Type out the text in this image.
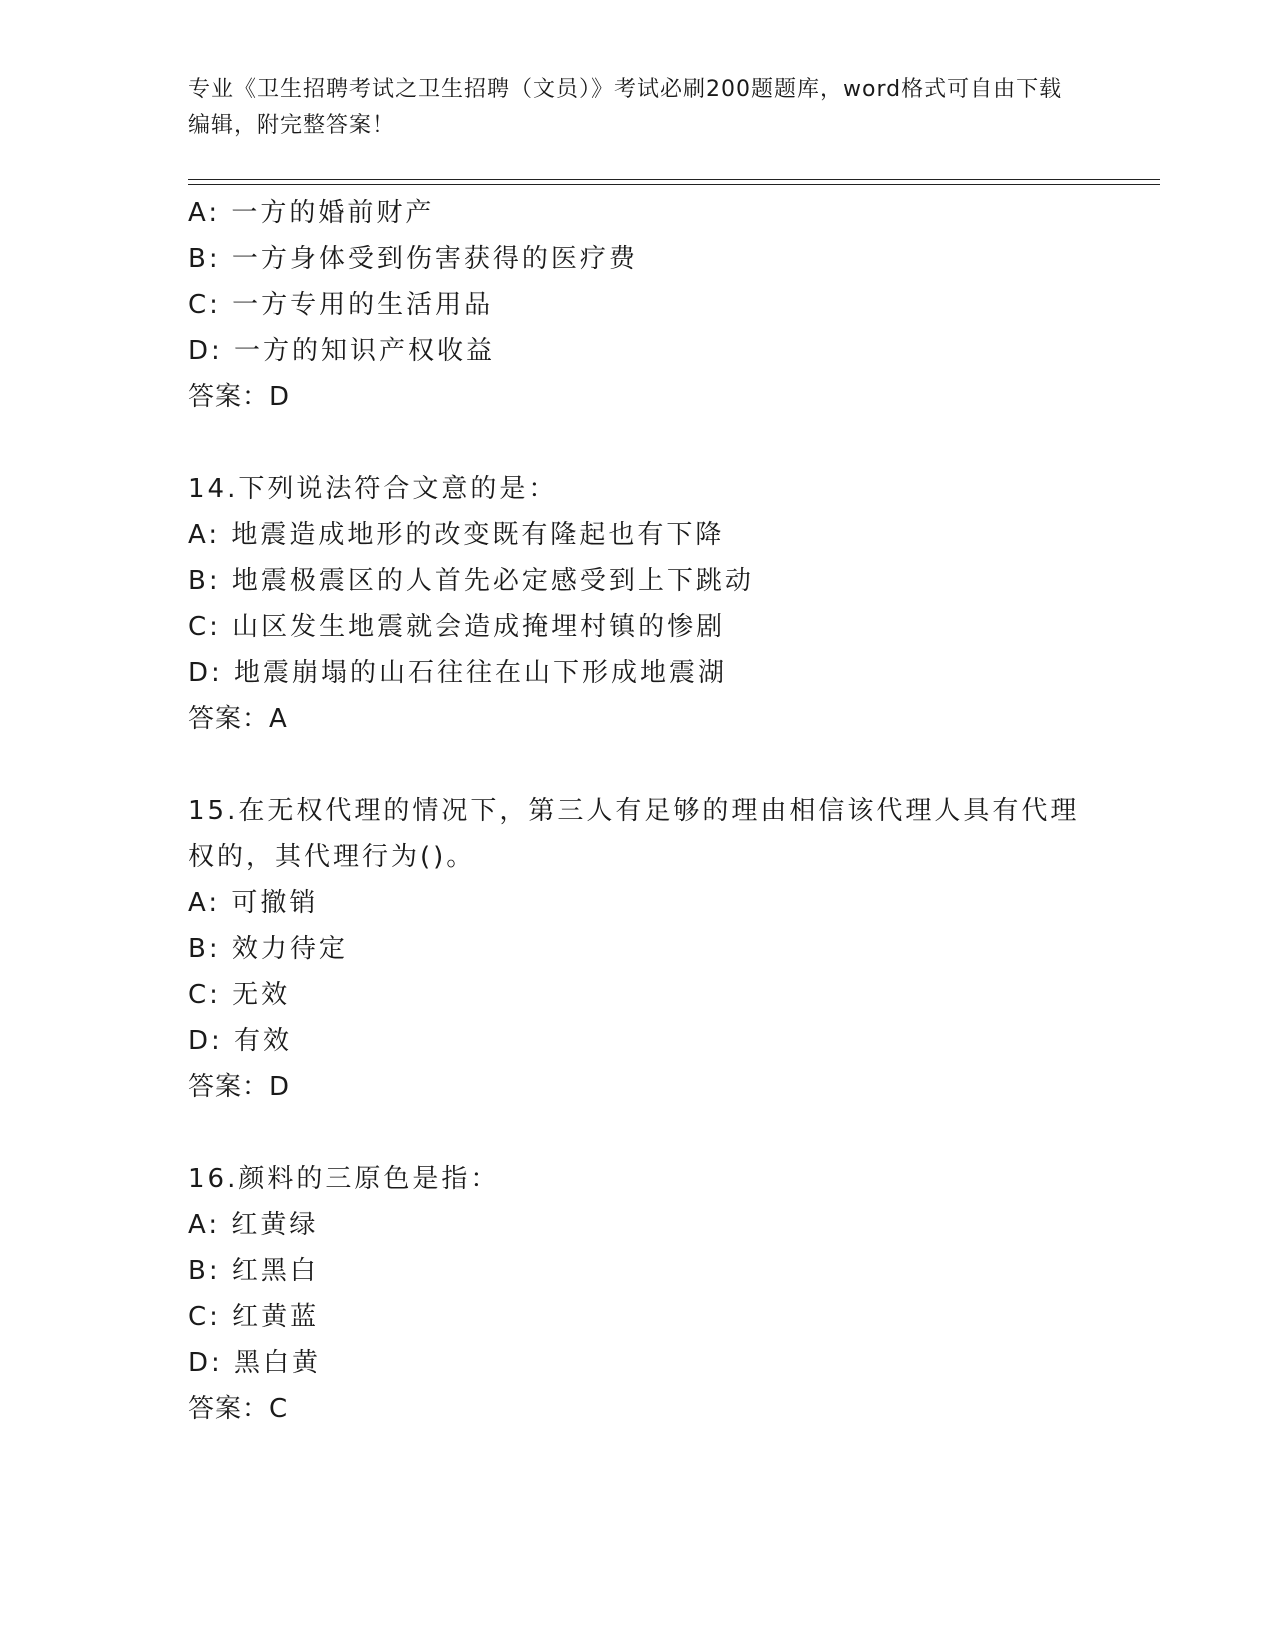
专业《卫生招聘考试之卫生招聘（文员）》考试必刷200题题库，word格式可自由下载编辑，附完整答案！
A: 一方的婚前财产
B: 一方身体受到伤害获得的医疗费
C: 一方专用的生活用品
D: 一方的知识产权收益
答案：D
14.下列说法符合文意的是：
A: 地震造成地形的改变既有隆起也有下降
B: 地震极震区的人首先必定感受到上下跳动
C: 山区发生地震就会造成掩埋村镇的惨剧
D: 地震崩塌的山石往往在山下形成地震湖
答案：A
15.在无权代理的情况下，第三人有足够的理由相信该代理人具有代理
权的，其代理行为()。
A: 可撤销
B: 效力待定
C: 无效
D: 有效
答案：D
16.颜料的三原色是指：
A: 红黄绿
B: 红黑白
C: 红黄蓝
D: 黑白黄
答案：C
